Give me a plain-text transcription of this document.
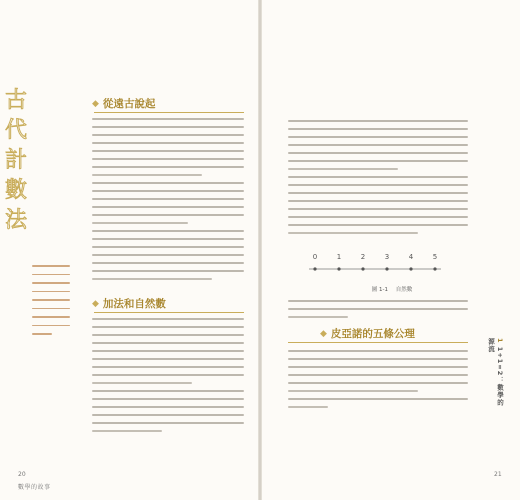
古
代
計
數
法
◆ 從遠古說起
◆ 加法和自然數
20
數學的故事
0	1	2	3	4	5
圖 1-1 自然數
◆ 皮亞諾的五條公理
1 1+1=2：數學的源流
21
